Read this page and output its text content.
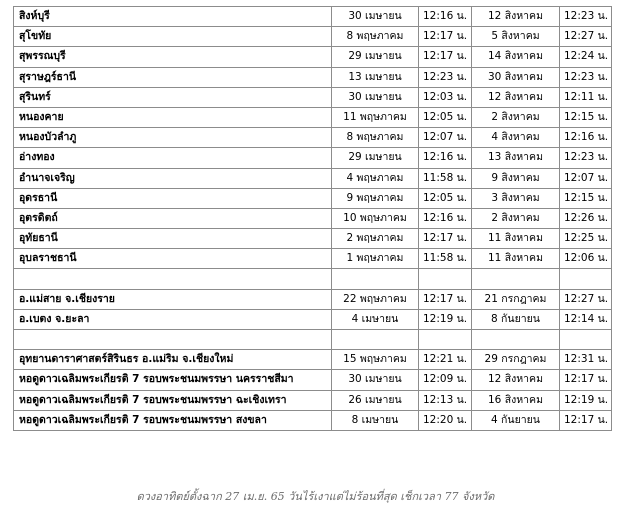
สิงห์บุรี	30 เมษายน	12:16 น.	12 สิงหาคม	12:23 น.
สุโขทัย	8 พฤษภาคม	12:17 น.	5 สิงหาคม	12:27 น.
สุพรรณบุรี	29 เมษายน	12:17 น.	14 สิงหาคม	12:24 น.
สุราษฎร์ธานี	13 เมษายน	12:23 น.	30 สิงหาคม	12:23 น.
สุรินทร์	30 เมษายน	12:03 น.	12 สิงหาคม	12:11 น.
หนองคาย	11 พฤษภาคม	12:05 น.	2 สิงหาคม	12:15 น.
หนองบัวลำภู	8 พฤษภาคม	12:07 น.	4 สิงหาคม	12:16 น.
อ่างทอง	29 เมษายน	12:16 น.	13 สิงหาคม	12:23 น.
อำนาจเจริญ	4 พฤษภาคม	11:58 น.	9 สิงหาคม	12:07 น.
อุดรธานี	9 พฤษภาคม	12:05 น.	3 สิงหาคม	12:15 น.
อุตรดิตถ์	10 พฤษภาคม	12:16 น.	2 สิงหาคม	12:26 น.
อุทัยธานี	2 พฤษภาคม	12:17 น.	11 สิงหาคม	12:25 น.
อุบลราชธานี	1 พฤษภาคม	11:58 น.	11 สิงหาคม	12:06 น.

อ.แม่สาย จ.เชียงราย	22 พฤษภาคม	12:17 น.	21 กรกฎาคม	12:27 น.
อ.เบตง จ.ยะลา	4 เมษายน	12:19 น.	8 กันยายน	12:14 น.

อุทยานดาราศาสตร์สิรินธร อ.แม่ริม จ.เชียงใหม่	15 พฤษภาคม	12:21 น.	29 กรกฎาคม	12:31 น.
หอดูดาวเฉลิมพระเกียรติ 7 รอบพระชนมพรรษา นครราชสีมา	30 เมษายน	12:09 น.	12 สิงหาคม	12:17 น.
หอดูดาวเฉลิมพระเกียรติ 7 รอบพระชนมพรรษา ฉะเชิงเทรา	26 เมษายน	12:13 น.	16 สิงหาคม	12:19 น.
หอดูดาวเฉลิมพระเกียรติ 7 รอบพระชนมพรรษา สงขลา	8 เมษายน	12:20 น.	4 กันยายน	12:17 น.
ดวงอาทิตย์ตั้งฉาก 27 เม.ย. 65 วันไร้เงาแต่ไม่ร้อนที่สุด เช็กเวลา 77 จังหวัด
